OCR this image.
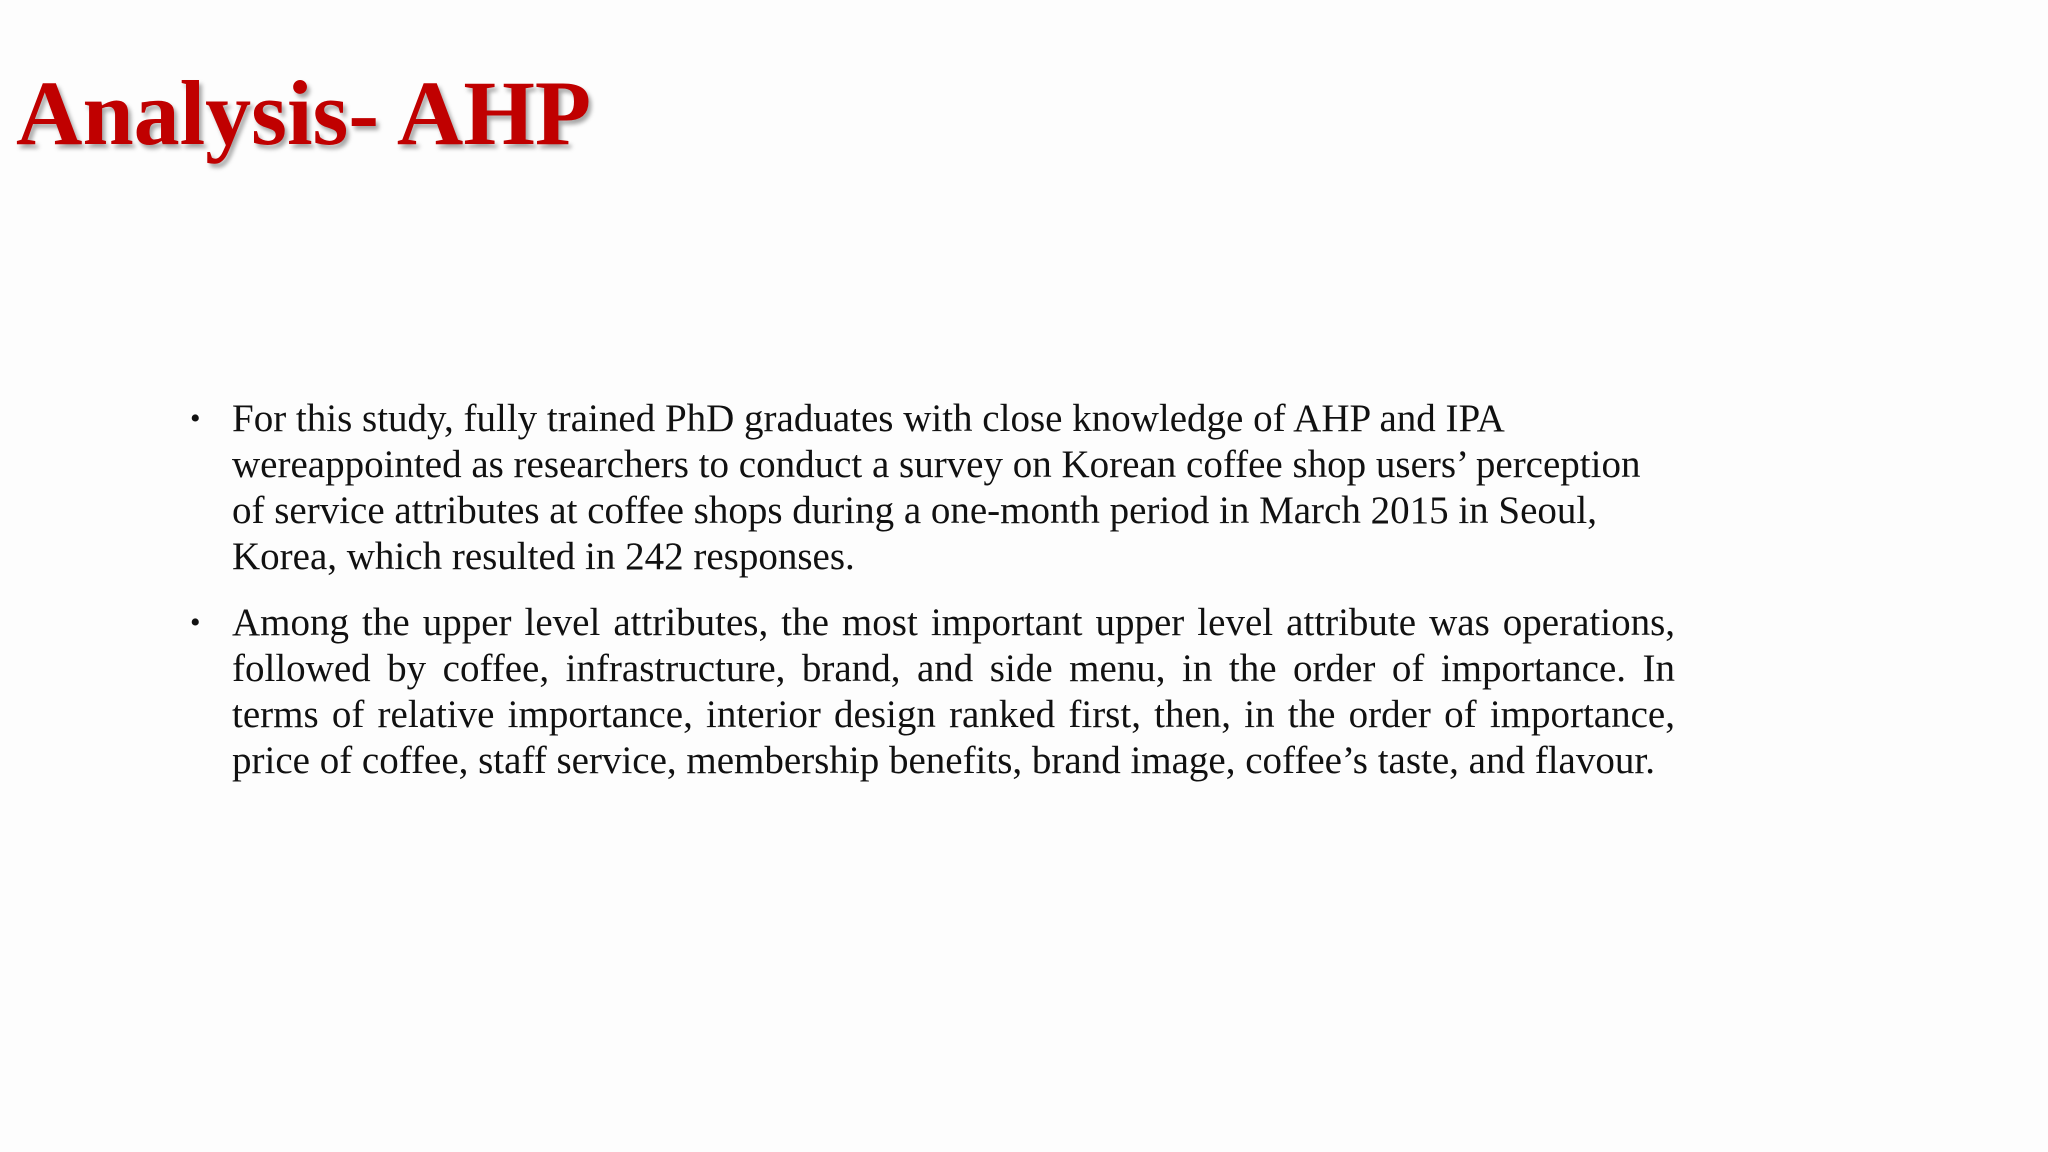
Analysis- AHP
• For this study, fully trained PhD graduates with close knowledge of AHP and IPA wereappointed as researchers to conduct a survey on Korean coffee shop users’ perception of service attributes at coffee shops during a one-month period in March 2015 in Seoul, Korea, which resulted in 242 responses.
• Among the upper level attributes, the most important upper level attribute was operations, followed by coffee, infrastructure, brand, and side menu, in the order of importance. In terms of relative importance, interior design ranked first, then, in the order of importance, price of coffee, staff service, membership benefits, brand image, coffee’s taste, and flavour.
